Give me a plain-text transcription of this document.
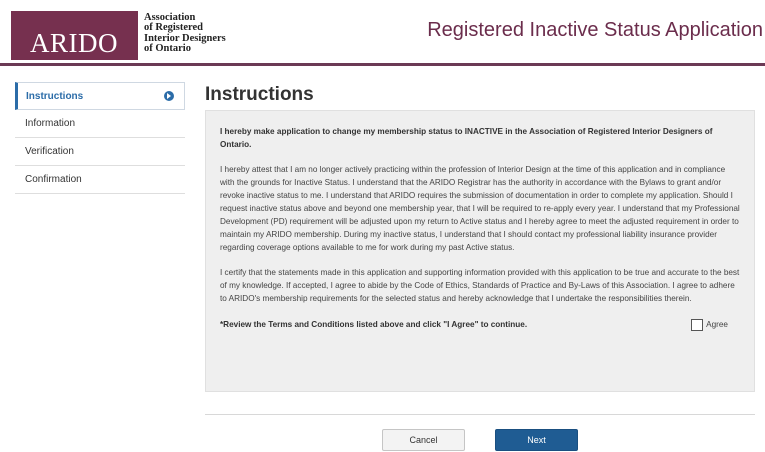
ARIDO
Association
of Registered
Interior Designers
of Ontario
Registered Inactive Status Application
Instructions
Information
Verification
Confirmation
Instructions

I hereby make application to change my membership status to INACTIVE in the Association of Registered Interior Designers of Ontario.

I hereby attest that I am no longer actively practicing within the profession of Interior Design at the time of this application and in compliance with the grounds for Inactive Status. I understand that the ARIDO Registrar has the authority in accordance with the Bylaws to grant and/or revoke inactive status to me. I understand that ARIDO requires the submission of documentation in order to complete my application. Should I request inactive status above and beyond one membership year, that I will be required to re-apply every year. I understand that my Professional Development (PD) requirement will be adjusted upon my return to Active status and I hereby agree to meet the adjusted requirement in order to maintain my ARIDO membership. During my inactive status, I understand that I should contact my professional liability insurance provider regarding coverage options available to me for work during my past Active status.

I certify that the statements made in this application and supporting information provided with this application to be true and accurate to the best of my knowledge. If accepted, I agree to abide by the Code of Ethics, Standards of Practice and By-Laws of this Association. I agree to adhere to ARIDO's membership requirements for the selected status and hereby acknowledge that I undertake the responsibilities therein.

*Review the Terms and Conditions listed above and click "I Agree" to continue.	Agree
Cancel	Next
